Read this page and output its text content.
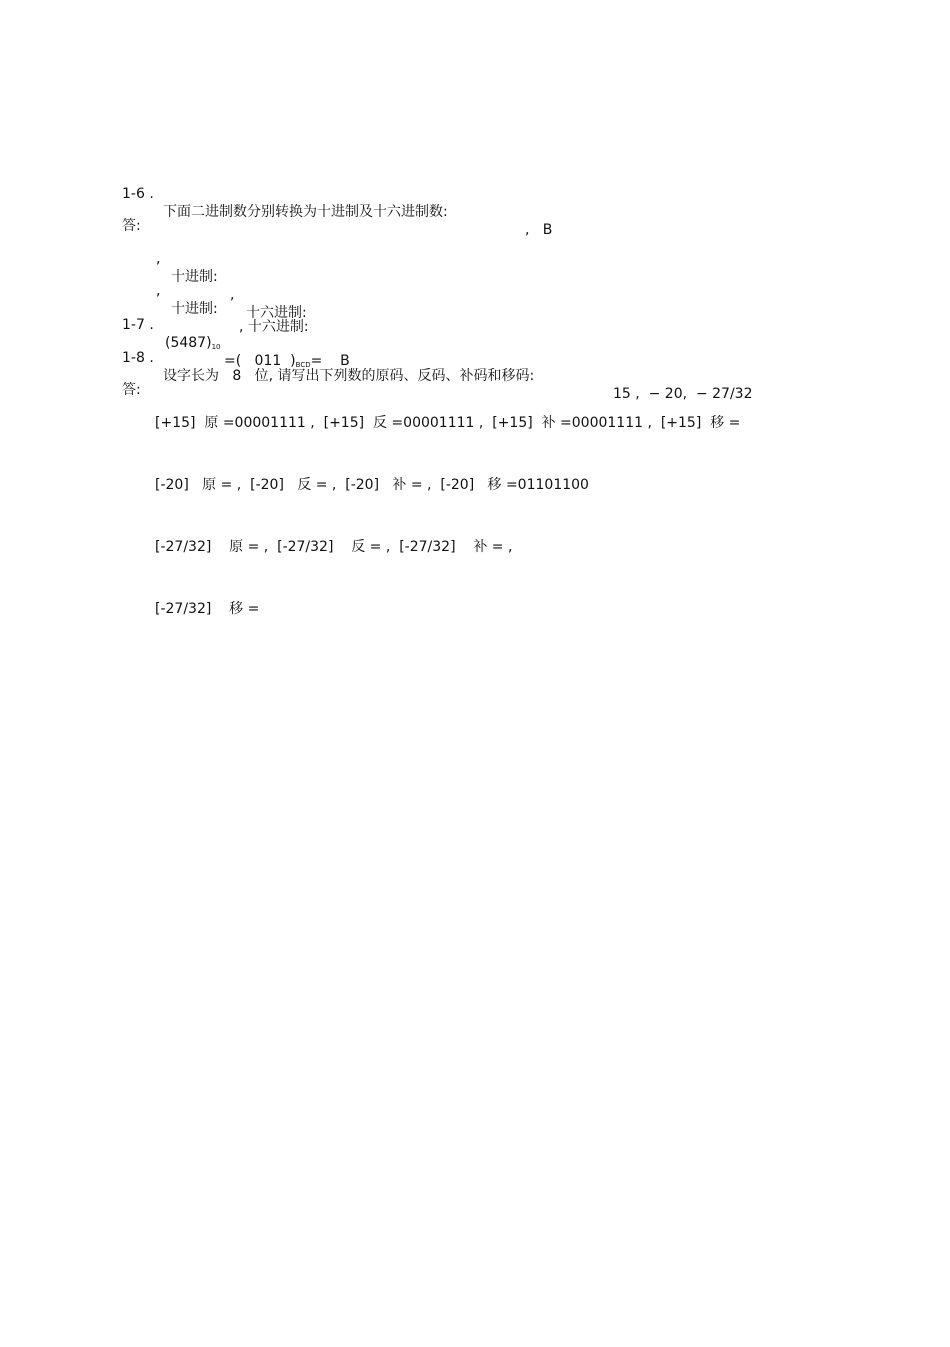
1-6 .

下面二进制数分别转换为十进制及十六进制数:

,   B

答:

,

十进制:

,

十六进制:

,

十进制:

, 十六进制:

1-7 .

(5487)10

=(   011  )BCD=    B

1-8 .

设字长为   8   位, 请写出下列数的原码、反码、补码和移码:

15 ,  − 20,  − 27/32

答:

[+15]  原 =00001111 ,  [+15]  反 =00001111 ,  [+15]  补 =00001111 ,  [+15]  移 =

[-20]   原 = ,  [-20]   反 = ,  [-20]   补 = ,  [-20]   移 =01101100

[-27/32]    原 = ,  [-27/32]    反 = ,  [-27/32]    补 = ,

[-27/32]    移 =
